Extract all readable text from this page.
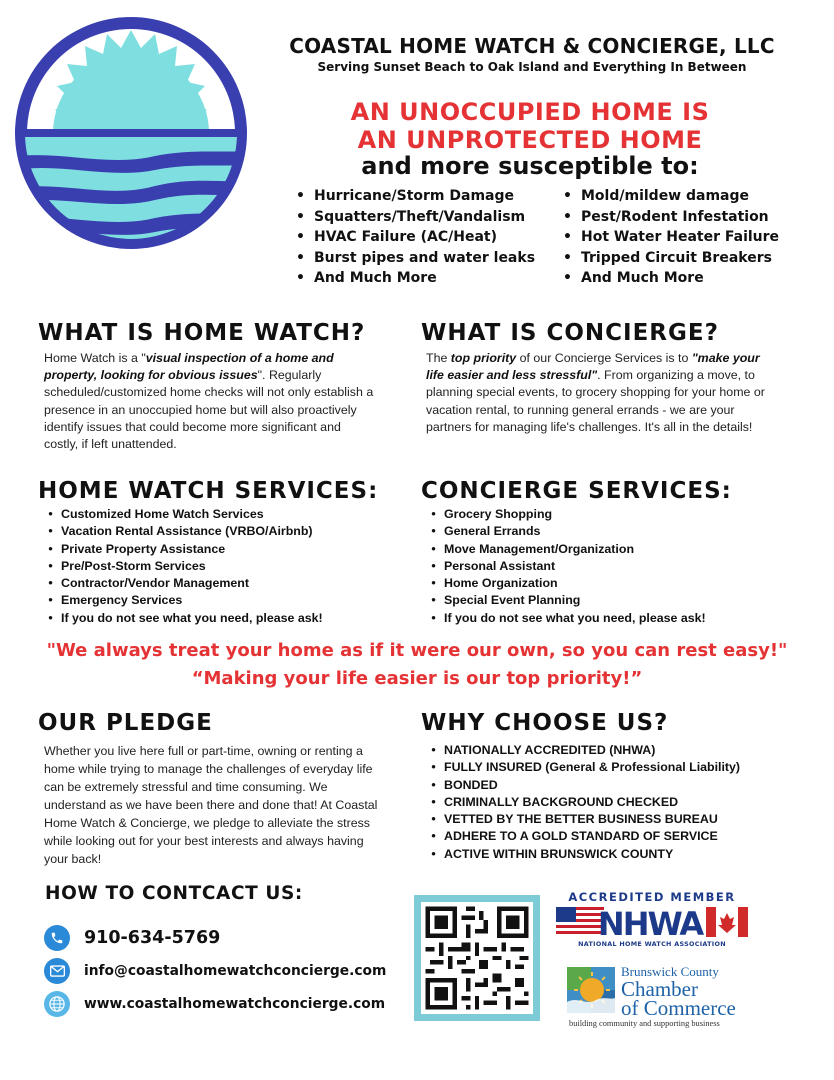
COASTAL HOME WATCH & CONCIERGE, LLC
Serving Sunset Beach to Oak Island and Everything In Between
AN UNOCCUPIED HOME IS
AN UNPROTECTED HOME
and more susceptible to:
• Hurricane/Storm Damage
• Squatters/Theft/Vandalism
• HVAC Failure (AC/Heat)
• Burst pipes and water leaks
• And Much More
• Mold/mildew damage
• Pest/Rodent Infestation
• Hot Water Heater Failure
• Tripped Circuit Breakers
• And Much More
WHAT IS HOME WATCH?
Home Watch is a "visual inspection of a home and property, looking for obvious issues". Regularly scheduled/customized home checks will not only establish a presence in an unoccupied home but will also proactively identify issues that could become more significant and costly, if left unattended.
WHAT IS CONCIERGE?
The top priority of our Concierge Services is to "make your life easier and less stressful". From organizing a move, to planning special events, to grocery shopping for your home or vacation rental, to running general errands - we are your partners for managing life's challenges. It's all in the details!
HOME WATCH SERVICES:
• Customized Home Watch Services
• Vacation Rental Assistance (VRBO/Airbnb)
• Private Property Assistance
• Pre/Post-Storm Services
• Contractor/Vendor Management
• Emergency Services
• If you do not see what you need, please ask!
CONCIERGE SERVICES:
• Grocery Shopping
• General Errands
• Move Management/Organization
• Personal Assistant
• Home Organization
• Special Event Planning
• If you do not see what you need, please ask!
"We always treat your home as if it were our own, so you can rest easy!"
“Making your life easier is our top priority!”
OUR PLEDGE
Whether you live here full or part-time, owning or renting a home while trying to manage the challenges of everyday life can be extremely stressful and time consuming. We understand as we have been there and done that! At Coastal Home Watch & Concierge, we pledge to alleviate the stress while looking out for your best interests and always having your back!
WHY CHOOSE US?
• NATIONALLY ACCREDITED (NHWA)
• FULLY INSURED (General & Professional Liability)
• BONDED
• CRIMINALLY BACKGROUND CHECKED
• VETTED BY THE BETTER BUSINESS BUREAU
• ADHERE TO A GOLD STANDARD OF SERVICE
• ACTIVE WITHIN BRUNSWICK COUNTY
HOW TO CONTCACT US:
910-634-5769
info@coastalhomewatchconcierge.com
www.coastalhomewatchconcierge.com
ACCREDITED MEMBER
NHWA
NATIONAL HOME WATCH ASSOCIATION
Brunswick County
Chamber
of Commerce
building community and supporting business
